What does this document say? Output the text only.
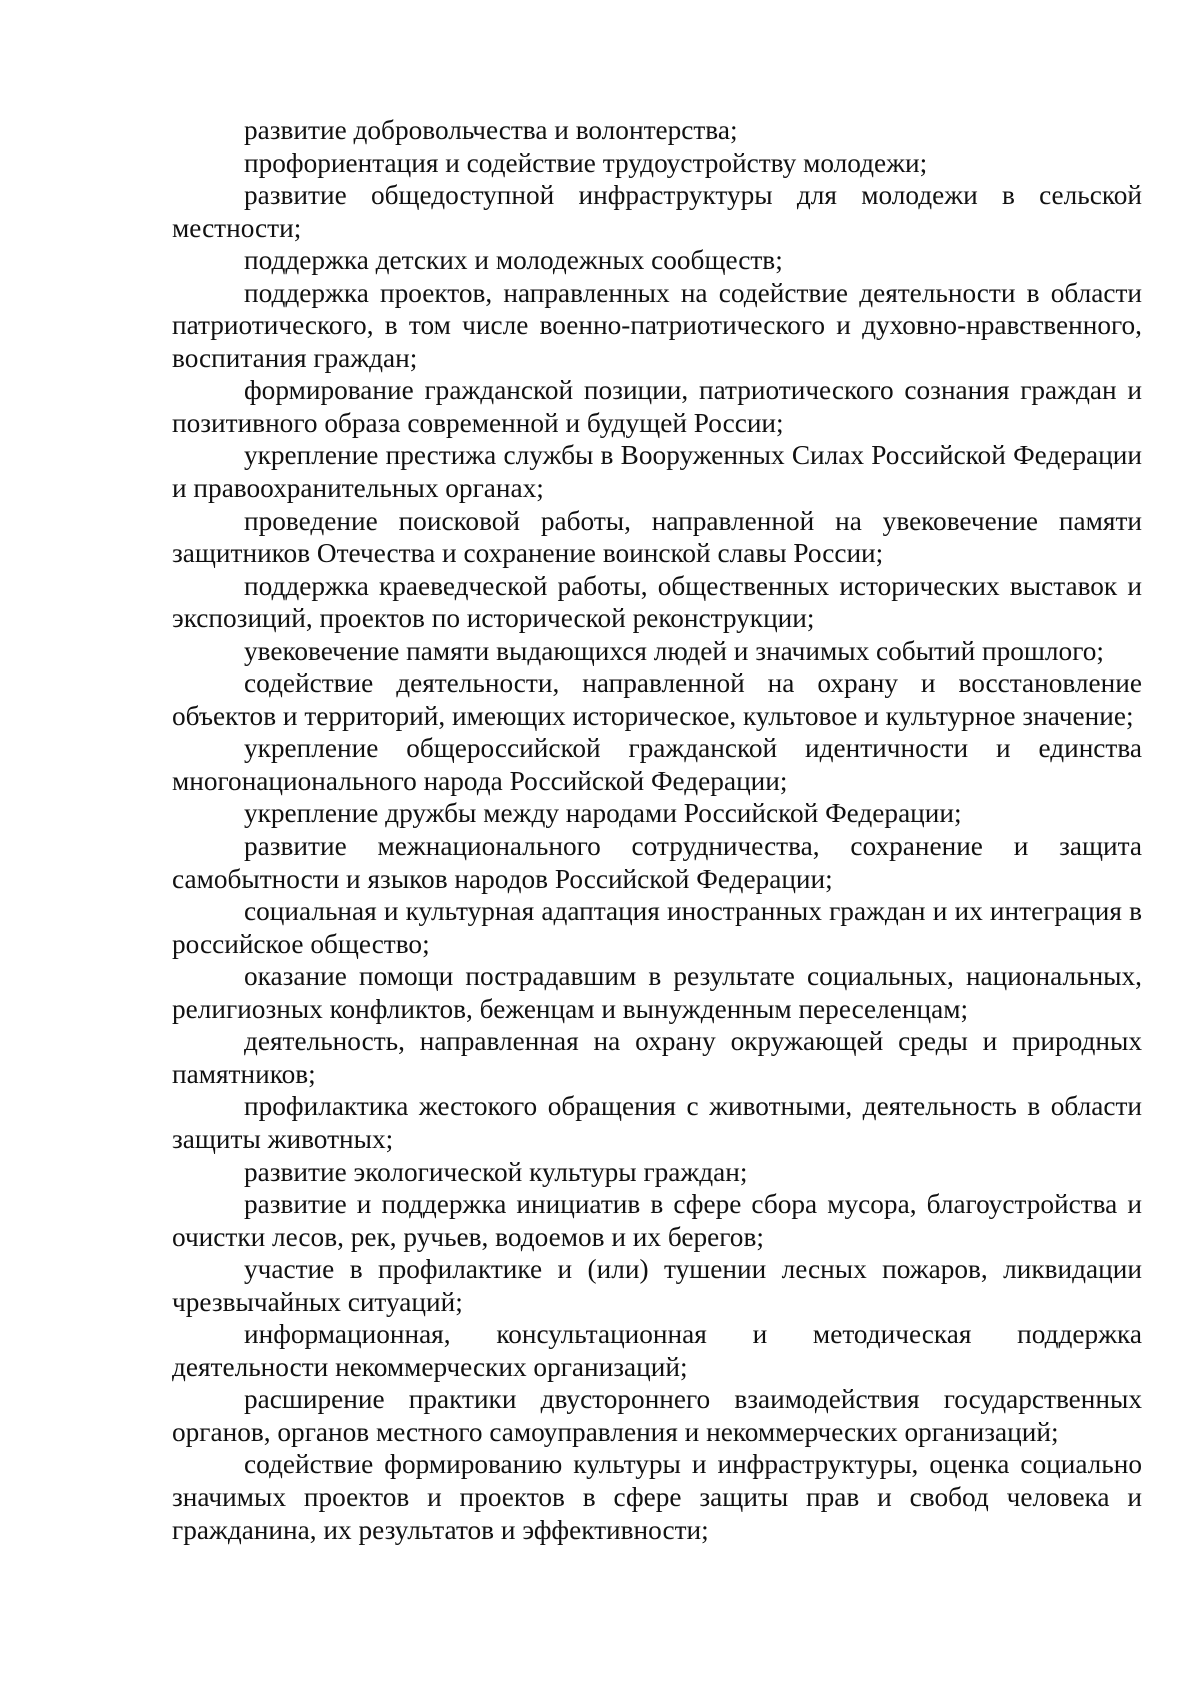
развитие добровольчества и волонтерства;

профориентация и содействие трудоустройству молодежи;

развитие общедоступной инфраструктуры для молодежи в сельской местности;

поддержка детских и молодежных сообществ;

поддержка проектов, направленных на содействие деятельности в области патриотического, в том числе военно-патриотического и духовно-нравственного, воспитания граждан;

формирование гражданской позиции, патриотического сознания граждан и позитивного образа современной и будущей России;

укрепление престижа службы в Вооруженных Силах Российской Федерации и правоохранительных органах;

проведение поисковой работы, направленной на увековечение памяти защитников Отечества и сохранение воинской славы России;

поддержка краеведческой работы, общественных исторических выставок и экспозиций, проектов по исторической реконструкции;

увековечение памяти выдающихся людей и значимых событий прошлого;

содействие деятельности, направленной на охрану и восстановление объектов и территорий, имеющих историческое, культовое и культурное значение;

укрепление общероссийской гражданской идентичности и единства многонационального народа Российской Федерации;

укрепление дружбы между народами Российской Федерации;

развитие межнационального сотрудничества, сохранение и защита самобытности и языков народов Российской Федерации;

социальная и культурная адаптация иностранных граждан и их интеграция в российское общество;

оказание помощи пострадавшим в результате социальных, национальных, религиозных конфликтов, беженцам и вынужденным переселенцам;

деятельность, направленная на охрану окружающей среды и природных памятников;

профилактика жестокого обращения с животными, деятельность в области защиты животных;

развитие экологической культуры граждан;

развитие и поддержка инициатив в сфере сбора мусора, благоустройства и очистки лесов, рек, ручьев, водоемов и их берегов;

участие в профилактике и (или) тушении лесных пожаров, ликвидации чрезвычайных ситуаций;

информационная, консультационная и методическая поддержка деятельности некоммерческих организаций;

расширение практики двустороннего взаимодействия государственных органов, органов местного самоуправления и некоммерческих организаций;

содействие формированию культуры и инфраструктуры, оценка социально значимых проектов и проектов в сфере защиты прав и свобод человека и гражданина, их результатов и эффективности;
